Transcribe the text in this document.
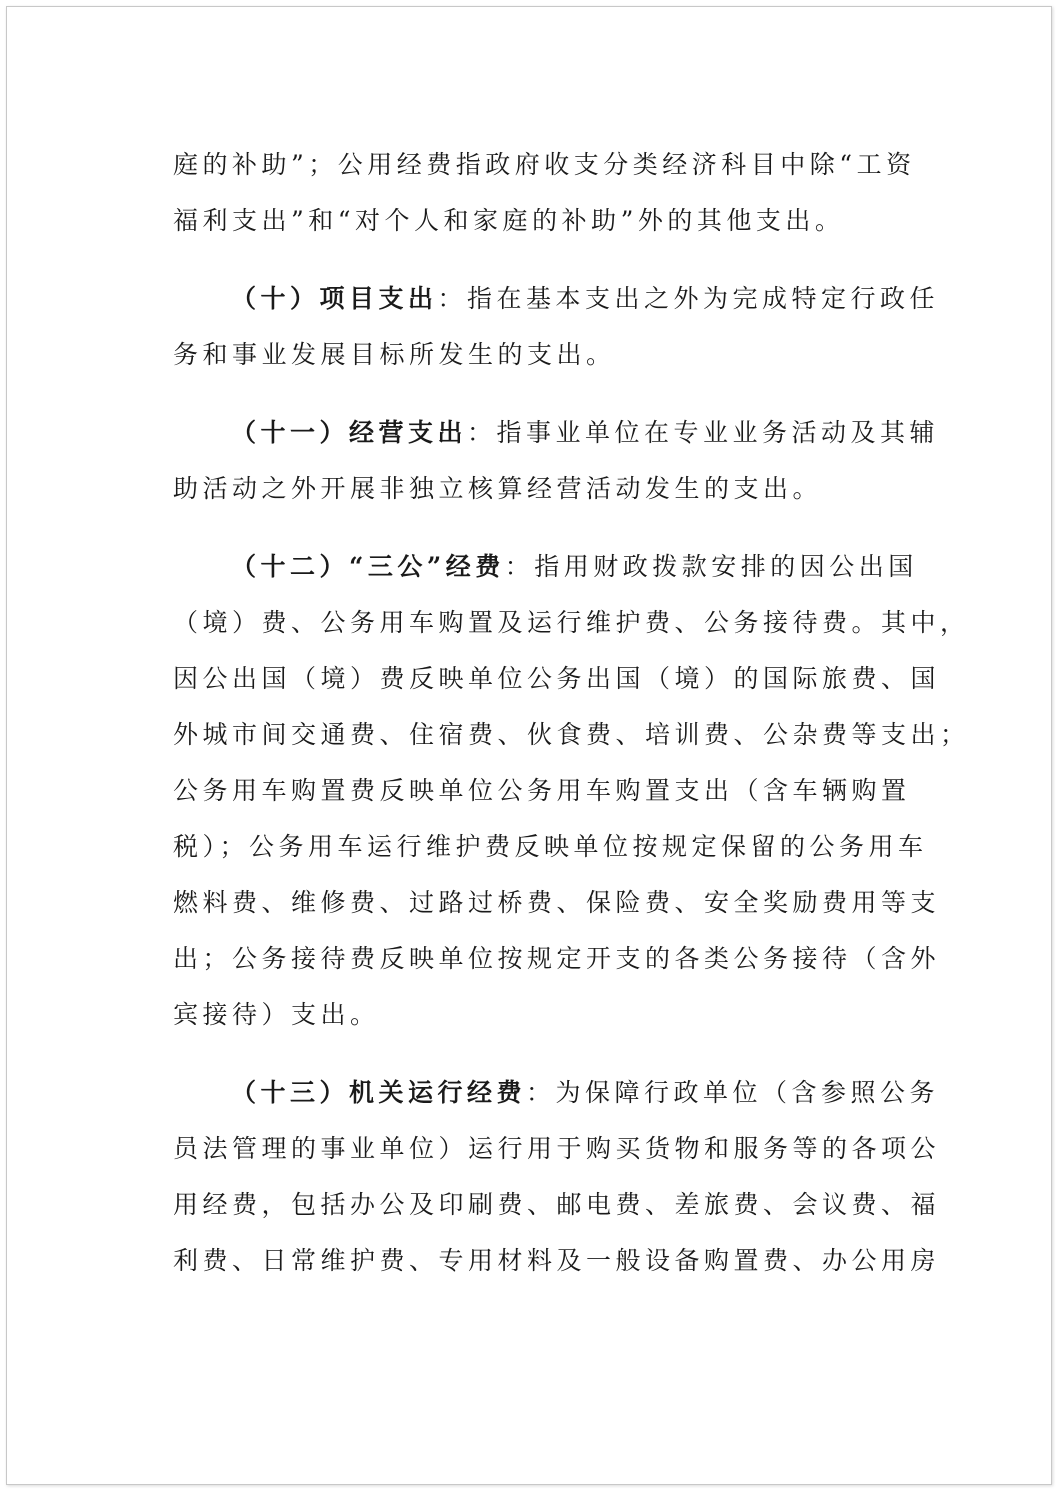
庭的补助”；公用经费指政府收支分类经济科目中除“工资
福利支出”和“对个人和家庭的补助”外的其他支出。
（十）项目支出：指在基本支出之外为完成特定行政任
务和事业发展目标所发生的支出。
（十一）经营支出：指事业单位在专业业务活动及其辅
助活动之外开展非独立核算经营活动发生的支出。
（十二）“三公”经费：指用财政拨款安排的因公出国
（境）费、公务用车购置及运行维护费、公务接待费。其中，
因公出国（境）费反映单位公务出国（境）的国际旅费、国
外城市间交通费、住宿费、伙食费、培训费、公杂费等支出；
公务用车购置费反映单位公务用车购置支出（含车辆购置
税）；公务用车运行维护费反映单位按规定保留的公务用车
燃料费、维修费、过路过桥费、保险费、安全奖励费用等支
出；公务接待费反映单位按规定开支的各类公务接待（含外
宾接待）支出。
（十三）机关运行经费：为保障行政单位（含参照公务
员法管理的事业单位）运行用于购买货物和服务等的各项公
用经费，包括办公及印刷费、邮电费、差旅费、会议费、福
利费、日常维护费、专用材料及一般设备购置费、办公用房
